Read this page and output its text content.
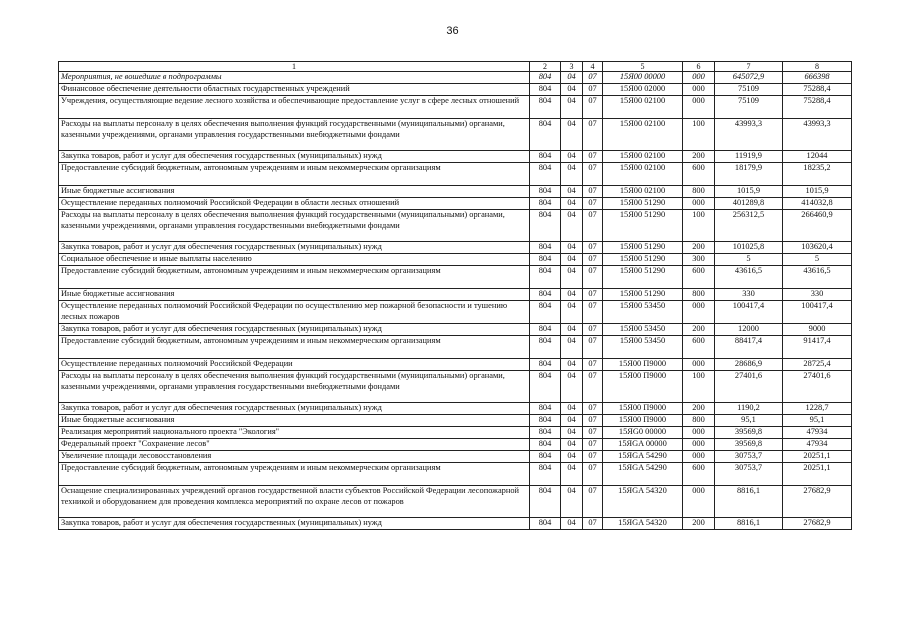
36
1	2	3	4	5	6	7	8
Мероприятия, не вошедшие в подпрограммы	804	04	07	15Я00 00000	000	645072,9	666398
Финансовое обеспечение деятельности областных государственных учреждений	804	04	07	15Я00 02000	000	75109	75288,4
Учреждения, осуществляющие ведение лесного хозяйства и обеспечивающие предоставление услуг в сфере лесных отношений	804	04	07	15Я00 02100	000	75109	75288,4
Расходы на выплаты персоналу в целях обеспечения выполнения функций государственными (муниципальными) органами, казенными учреждениями, органами управления государственными внебюджетными фондами	804	04	07	15Я00 02100	100	43993,3	43993,3
Закупка товаров, работ и услуг для обеспечения государственных (муниципальных) нужд	804	04	07	15Я00 02100	200	11919,9	12044
Предоставление субсидий бюджетным, автономным учреждениям и иным некоммерческим организациям	804	04	07	15Я00 02100	600	18179,9	18235,2
Иные бюджетные ассигнования	804	04	07	15Я00 02100	800	1015,9	1015,9
Осуществление переданных полномочий Российской Федерации в области лесных отношений	804	04	07	15Я00 51290	000	401289,8	414032,8
Расходы на выплаты персоналу в целях обеспечения выполнения функций государственными (муниципальными) органами, казенными учреждениями, органами управления государственными внебюджетными фондами	804	04	07	15Я00 51290	100	256312,5	266460,9
Закупка товаров, работ и услуг для обеспечения государственных (муниципальных) нужд	804	04	07	15Я00 51290	200	101025,8	103620,4
Социальное обеспечение и иные выплаты населению	804	04	07	15Я00 51290	300	5	5
Предоставление субсидий бюджетным, автономным учреждениям и иным некоммерческим организациям	804	04	07	15Я00 51290	600	43616,5	43616,5
Иные бюджетные ассигнования	804	04	07	15Я00 51290	800	330	330
Осуществление переданных полномочий Российской Федерации по осуществлению мер пожарной безопасности и тушению лесных пожаров	804	04	07	15Я00 53450	000	100417,4	100417,4
Закупка товаров, работ и услуг для обеспечения государственных (муниципальных) нужд	804	04	07	15Я00 53450	200	12000	9000
Предоставление субсидий бюджетным, автономным учреждениям и иным некоммерческим организациям	804	04	07	15Я00 53450	600	88417,4	91417,4
Осуществление переданных полномочий Российской Федерации	804	04	07	15Я00 П9000	000	28686,9	28725,4
Расходы на выплаты персоналу в целях обеспечения выполнения функций государственными (муниципальными) органами, казенными учреждениями, органами управления государственными внебюджетными фондами	804	04	07	15Я00 П9000	100	27401,6	27401,6
Закупка товаров, работ и услуг для обеспечения государственных (муниципальных) нужд	804	04	07	15Я00 П9000	200	1190,2	1228,7
Иные бюджетные ассигнования	804	04	07	15Я00 П9000	800	95,1	95,1
Реализация мероприятий национального проекта "Экология"	804	04	07	15ЯG0 00000	000	39569,8	47934
Федеральный проект "Сохранение лесов"	804	04	07	15ЯGA 00000	000	39569,8	47934
Увеличение площади лесовосстановления	804	04	07	15ЯGA 54290	000	30753,7	20251,1
Предоставление субсидий бюджетным, автономным учреждениям и иным некоммерческим организациям	804	04	07	15ЯGA 54290	600	30753,7	20251,1
Оснащение специализированных учреждений органов государственной власти субъектов Российской Федерации лесопожарной техникой и оборудованием для проведения комплекса мероприятий по охране лесов от пожаров	804	04	07	15ЯGA 54320	000	8816,1	27682,9
Закупка товаров, работ и услуг для обеспечения государственных (муниципальных) нужд	804	04	07	15ЯGA 54320	200	8816,1	27682,9
